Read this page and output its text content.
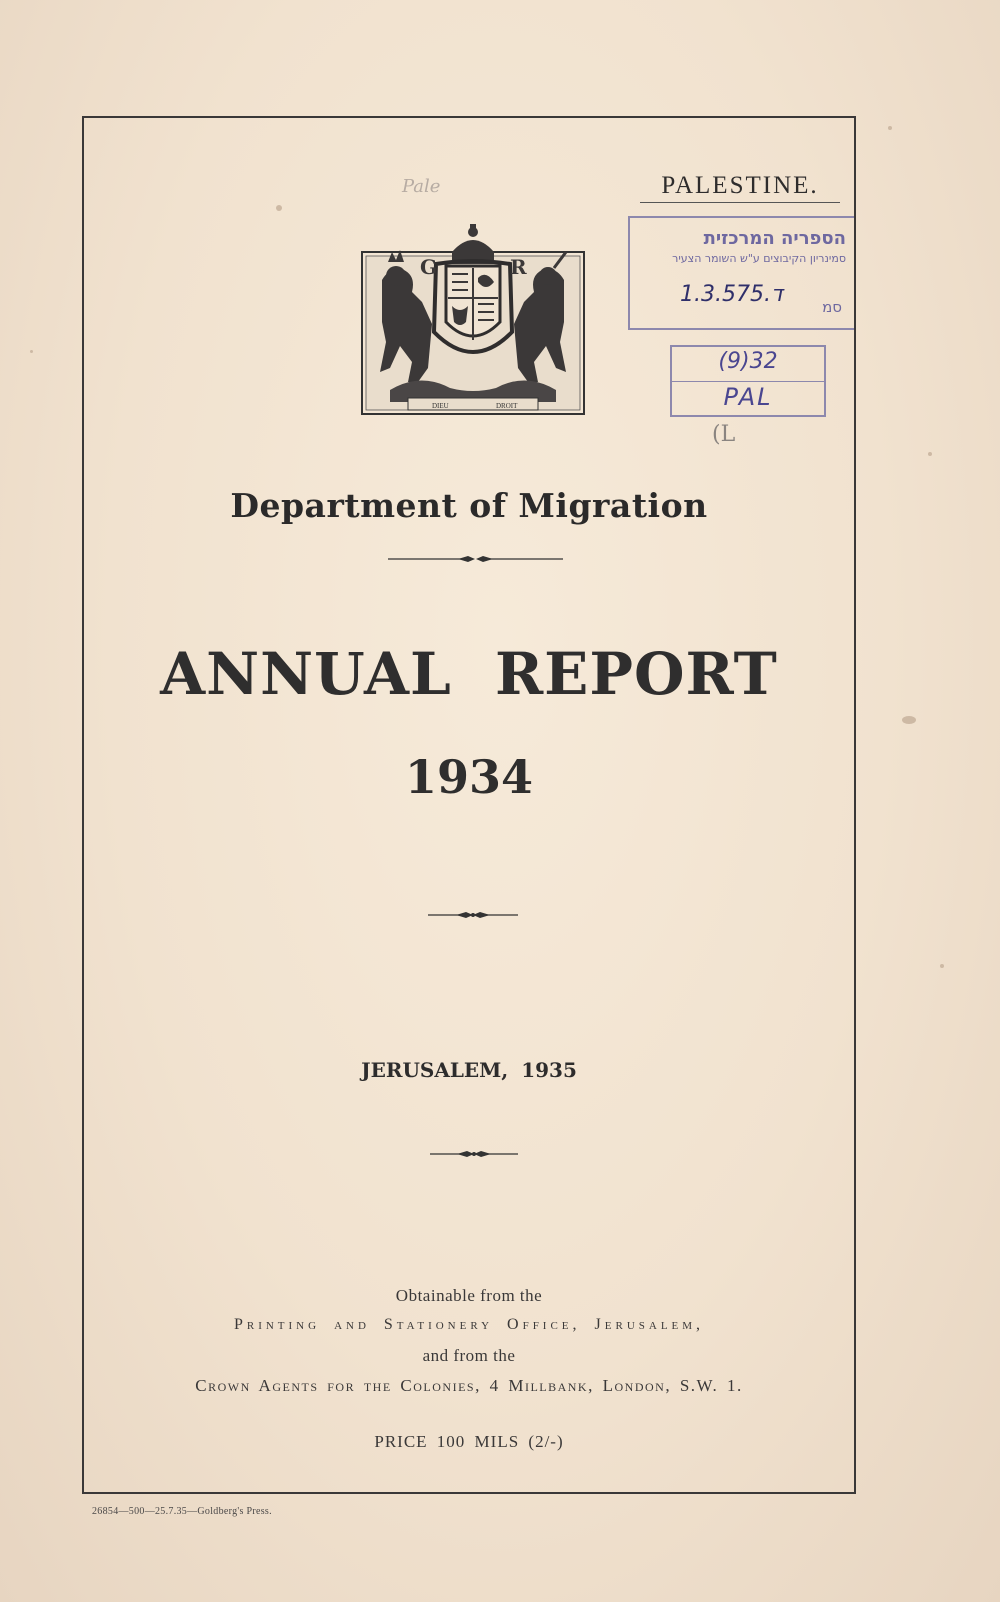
Pale	PALESTINE.
DIEU	DROIT
G	R
הספריה המרכזית
סמינריון הקיבוצים ע"ש השומר הצעיר
סמ
1.3.ד.575
(9)32
PAL
(L
Department of Migration
ANNUAL REPORT
1934
JERUSALEM, 1935
Obtainable from the
Printing and Stationery Office, Jerusalem,
and from the
Crown Agents for the Colonies, 4 Millbank, London, S.W. 1.
PRICE 100 MILS (2/-)
26854—500—25.7.35—Goldberg's Press.
